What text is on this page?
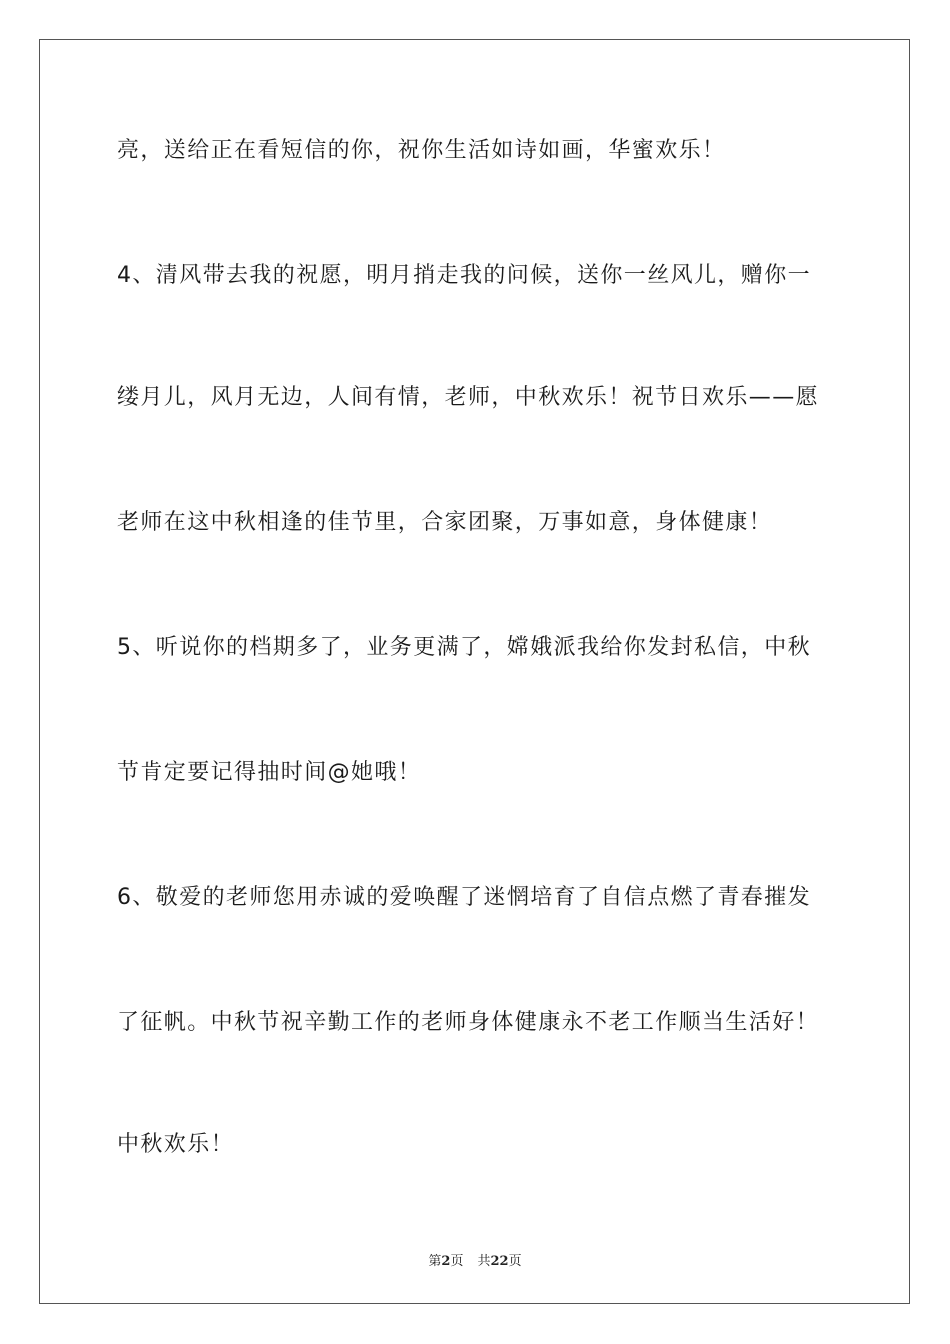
亮，送给正在看短信的你，祝你生活如诗如画，华蜜欢乐！

4、清风带去我的祝愿，明月捎走我的问候，送你一丝风儿，赠你一

缕月儿，风月无边，人间有情，老师，中秋欢乐！祝节日欢乐——愿

老师在这中秋相逢的佳节里，合家团聚，万事如意，身体健康！

5、听说你的档期多了，业务更满了，嫦娥派我给你发封私信，中秋

节肯定要记得抽时间@她哦！

6、敬爱的老师您用赤诚的爱唤醒了迷惘培育了自信点燃了青春摧发

了征帆。中秋节祝辛勤工作的老师身体健康永不老工作顺当生活好！

中秋欢乐！

第2页 共22页
